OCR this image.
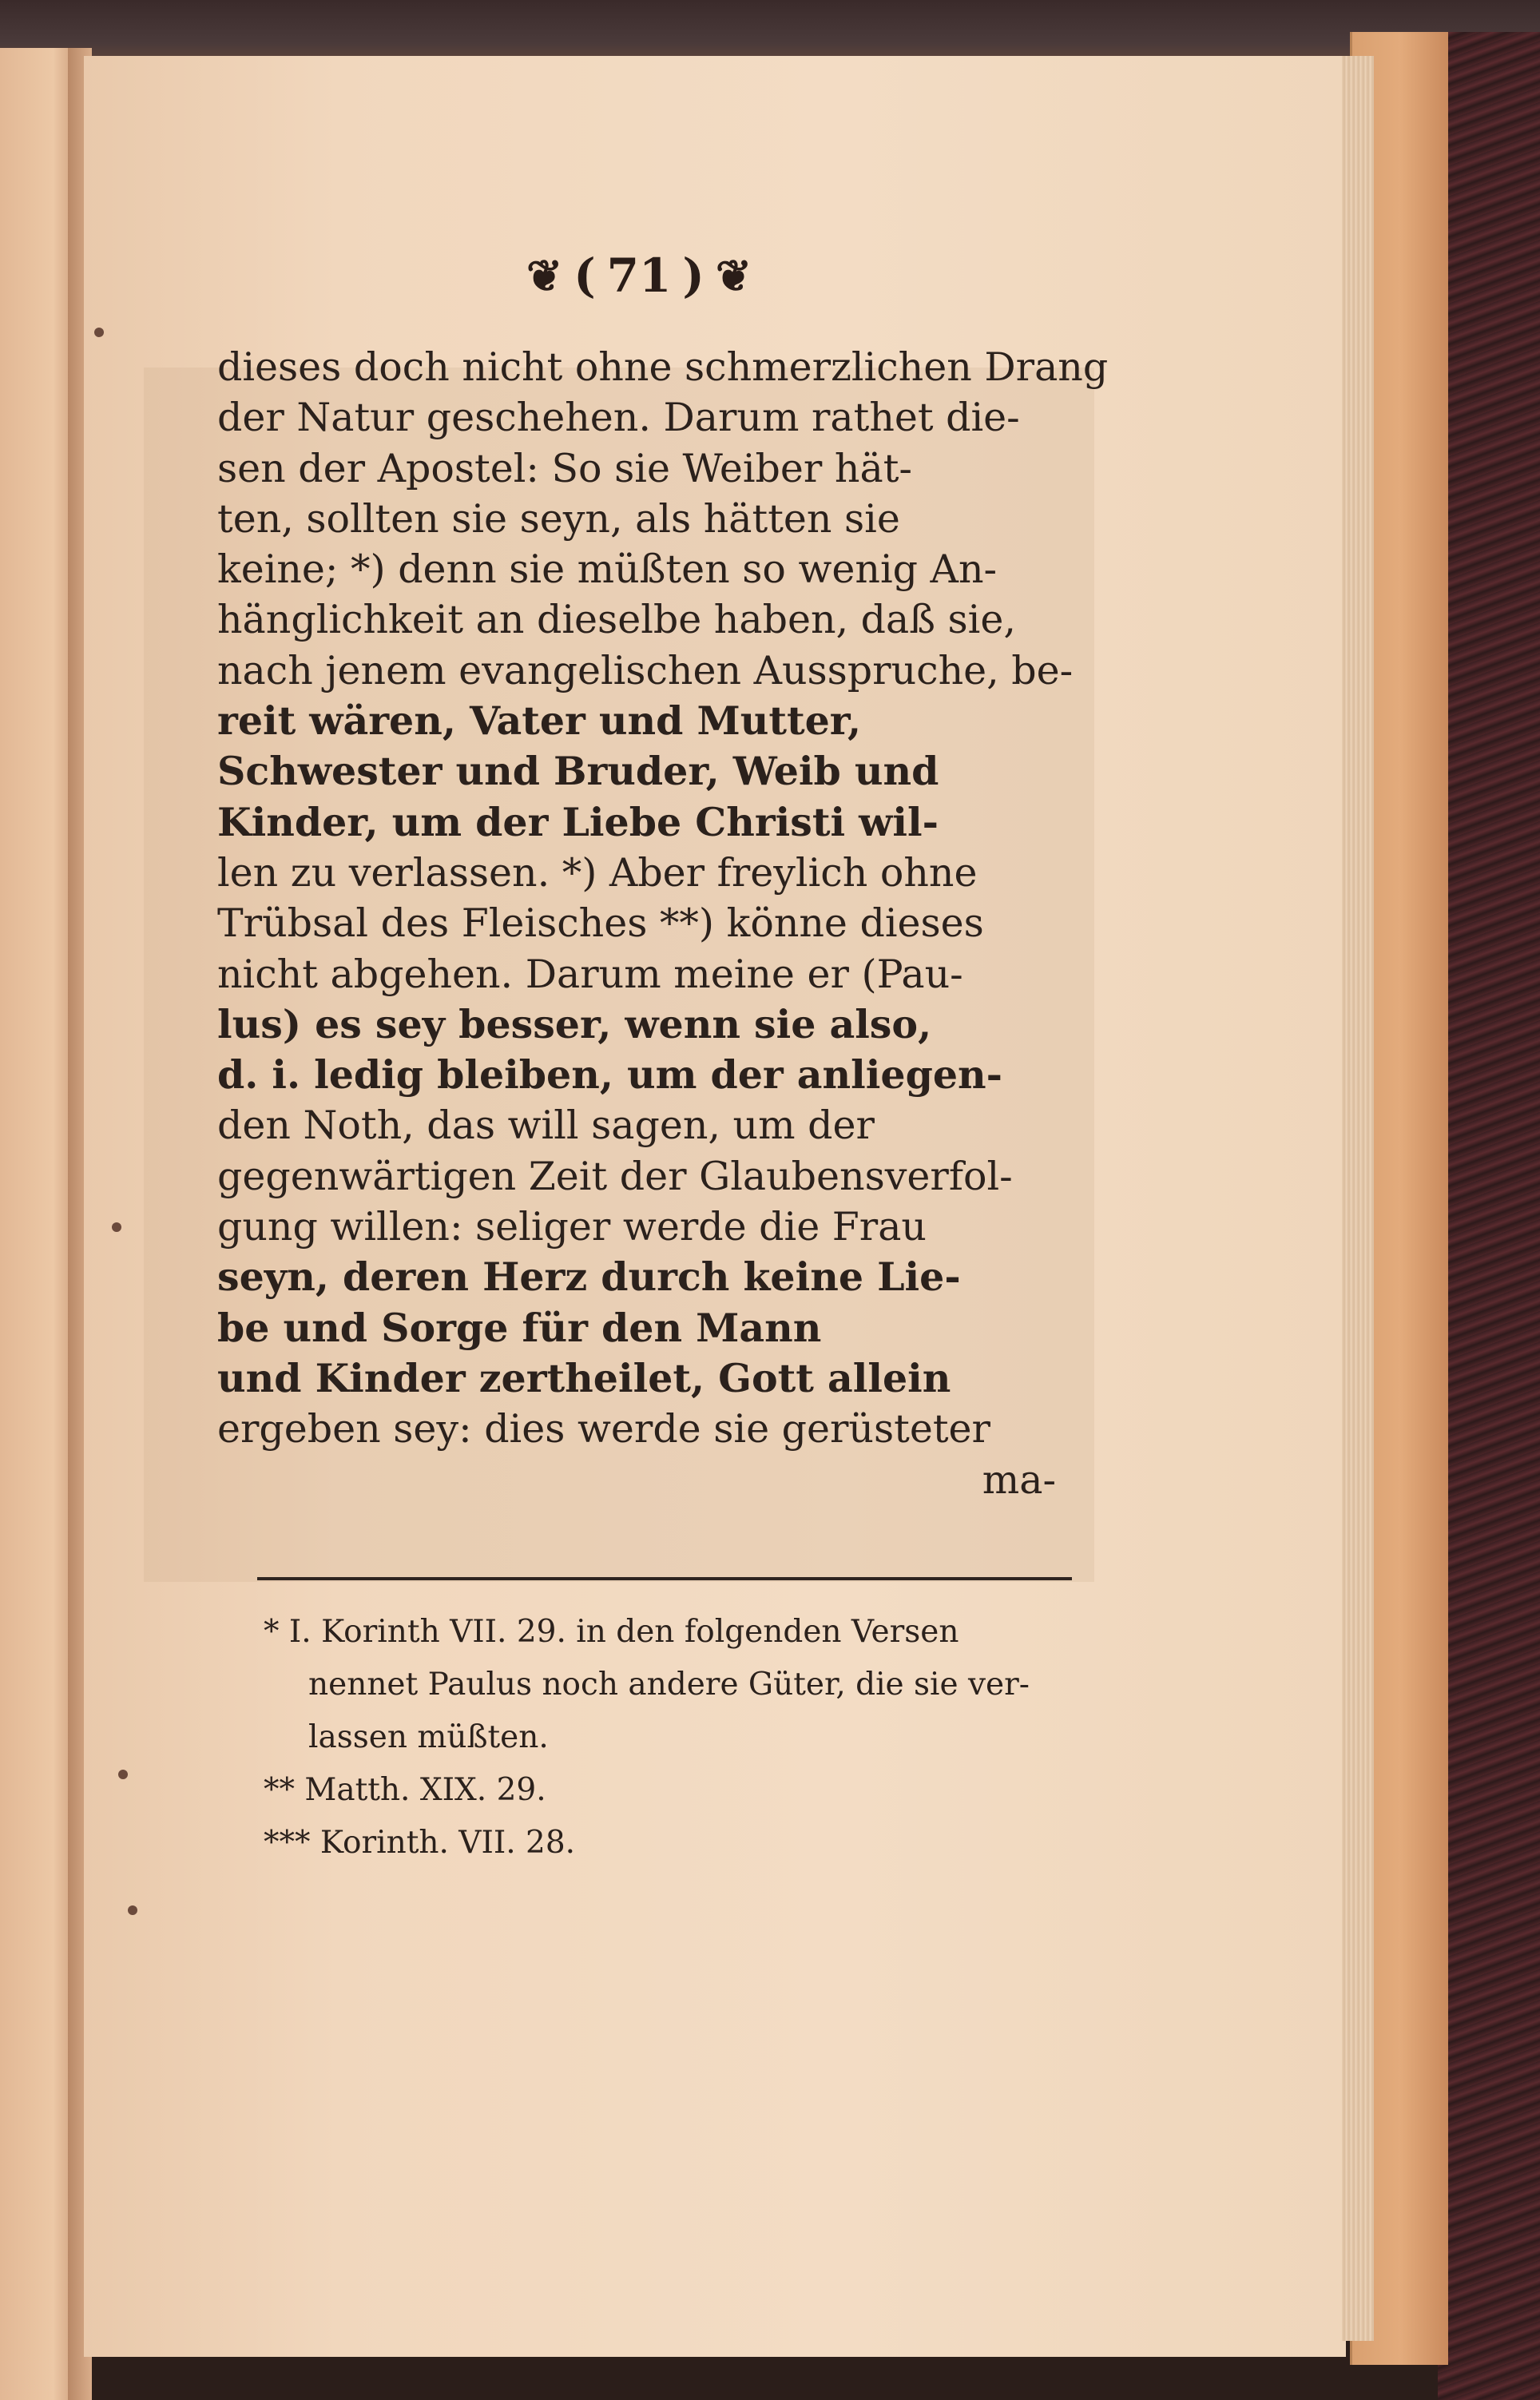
❦ ( 71 ) ❦
dieses doch nicht ohne schmerzlichen Drang
der Natur geschehen. Darum rathet die-
sen der Apostel: So sie Weiber hät-
ten, sollten sie seyn, als hätten sie
keine; *) denn sie müßten so wenig An-
hänglichkeit an dieselbe haben, daß sie,
nach jenem evangelischen Ausspruche, be-
reit wären, Vater und Mutter,
Schwester und Bruder, Weib und
Kinder, um der Liebe Christi wil-
len zu verlassen. *) Aber freylich ohne
Trübsal des Fleisches **) könne dieses
nicht abgehen. Darum meine er (Pau-
lus) es sey besser, wenn sie also,
d. i. ledig bleiben, um der anliegen-
den Noth, das will sagen, um der
gegenwärtigen Zeit der Glaubensverfol-
gung willen: seliger werde die Frau
seyn, deren Herz durch keine Lie-
be und Sorge für den Mann
und Kinder zertheilet, Gott allein
ergeben sey: dies werde sie gerüsteter
ma-
* I. Korinth VII. 29. in den folgenden Versen
nennet Paulus noch andere Güter, die sie ver-
lassen müßten.
** Matth. XIX. 29.
*** Korinth. VII. 28.
